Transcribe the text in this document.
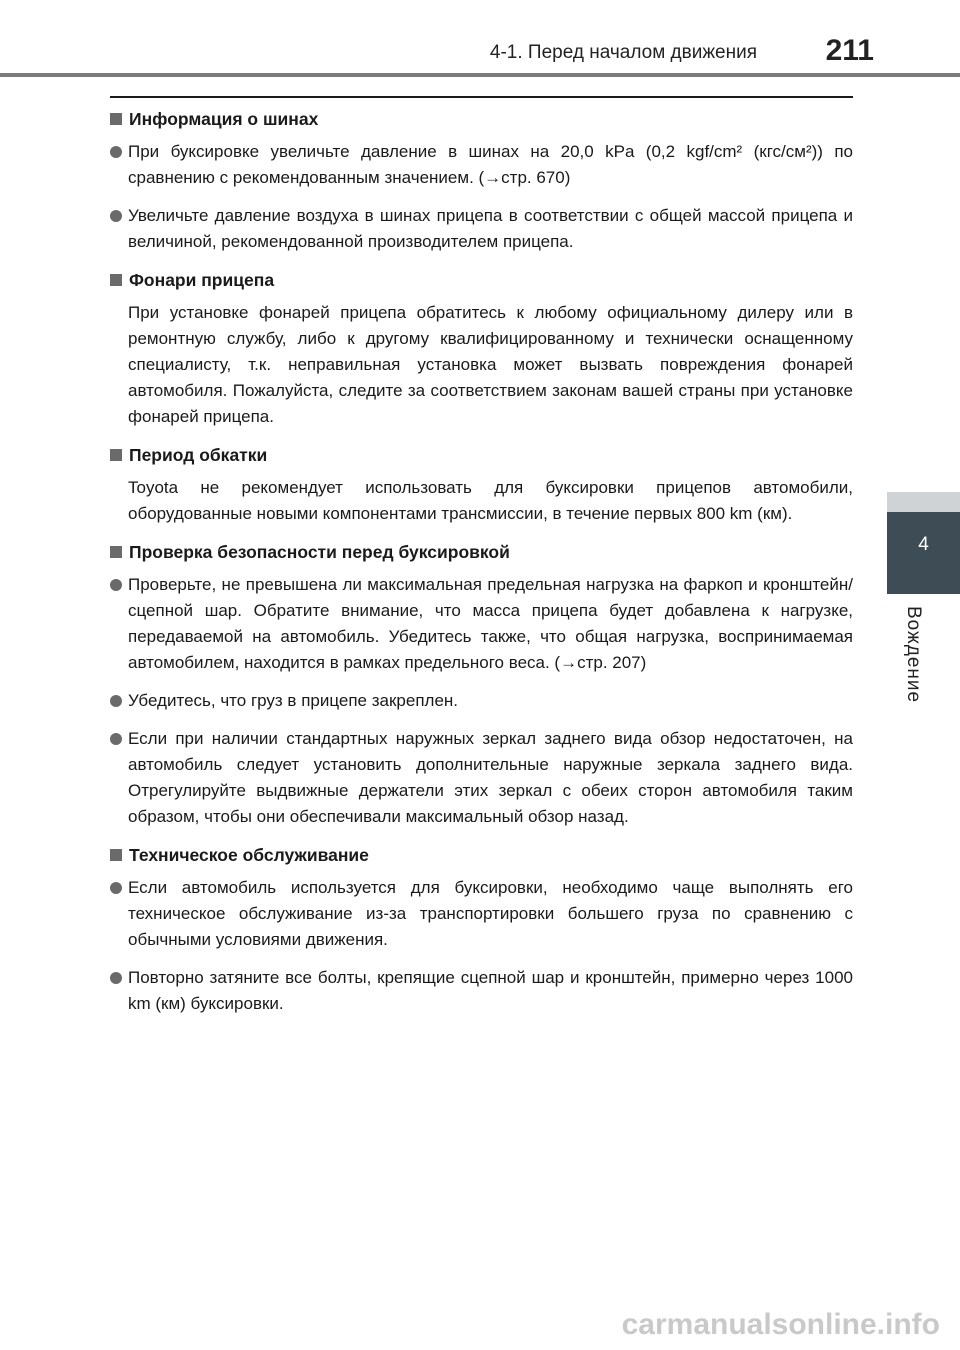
4-1. Перед началом движения 211
4
Вождение
Информация о шинах
При буксировке увеличьте давление в шинах на 20,0 kPa (0,2 kgf/cm² (кгс/см²)) по сравнению с рекомендованным значением. (→стр. 670)
Увеличьте давление воздуха в шинах прицепа в соответствии с общей массой прицепа и величиной, рекомендованной производителем прицепа.
Фонари прицепа
При установке фонарей прицепа обратитесь к любому официальному дилеру или в ремонтную службу, либо к другому квалифицированному и технически оснащенному специалисту, т.к. неправильная установка может вызвать повреждения фонарей автомобиля. Пожалуйста, следите за соответствием законам вашей страны при установке фонарей прицепа.
Период обкатки
Toyota не рекомендует использовать для буксировки прицепов автомобили, оборудованные новыми компонентами трансмиссии, в течение первых 800 km (км).
Проверка безопасности перед буксировкой
Проверьте, не превышена ли максимальная предельная нагрузка на фаркоп и кронштейн/сцепной шар. Обратите внимание, что масса прицепа будет добавлена к нагрузке, передаваемой на автомобиль. Убедитесь также, что общая нагрузка, воспринимаемая автомобилем, находится в рамках предельного веса. (→стр. 207)
Убедитесь, что груз в прицепе закреплен.
Если при наличии стандартных наружных зеркал заднего вида обзор недостаточен, на автомобиль следует установить дополнительные наружные зеркала заднего вида. Отрегулируйте выдвижные держатели этих зеркал с обеих сторон автомобиля таким образом, чтобы они обеспечивали максимальный обзор назад.
Техническое обслуживание
Если автомобиль используется для буксировки, необходимо чаще выполнять его техническое обслуживание из-за транспортировки большего груза по сравнению с обычными условиями движения.
Повторно затяните все болты, крепящие сцепной шар и кронштейн, примерно через 1000 km (км) буксировки.
carmanualsonline.info
